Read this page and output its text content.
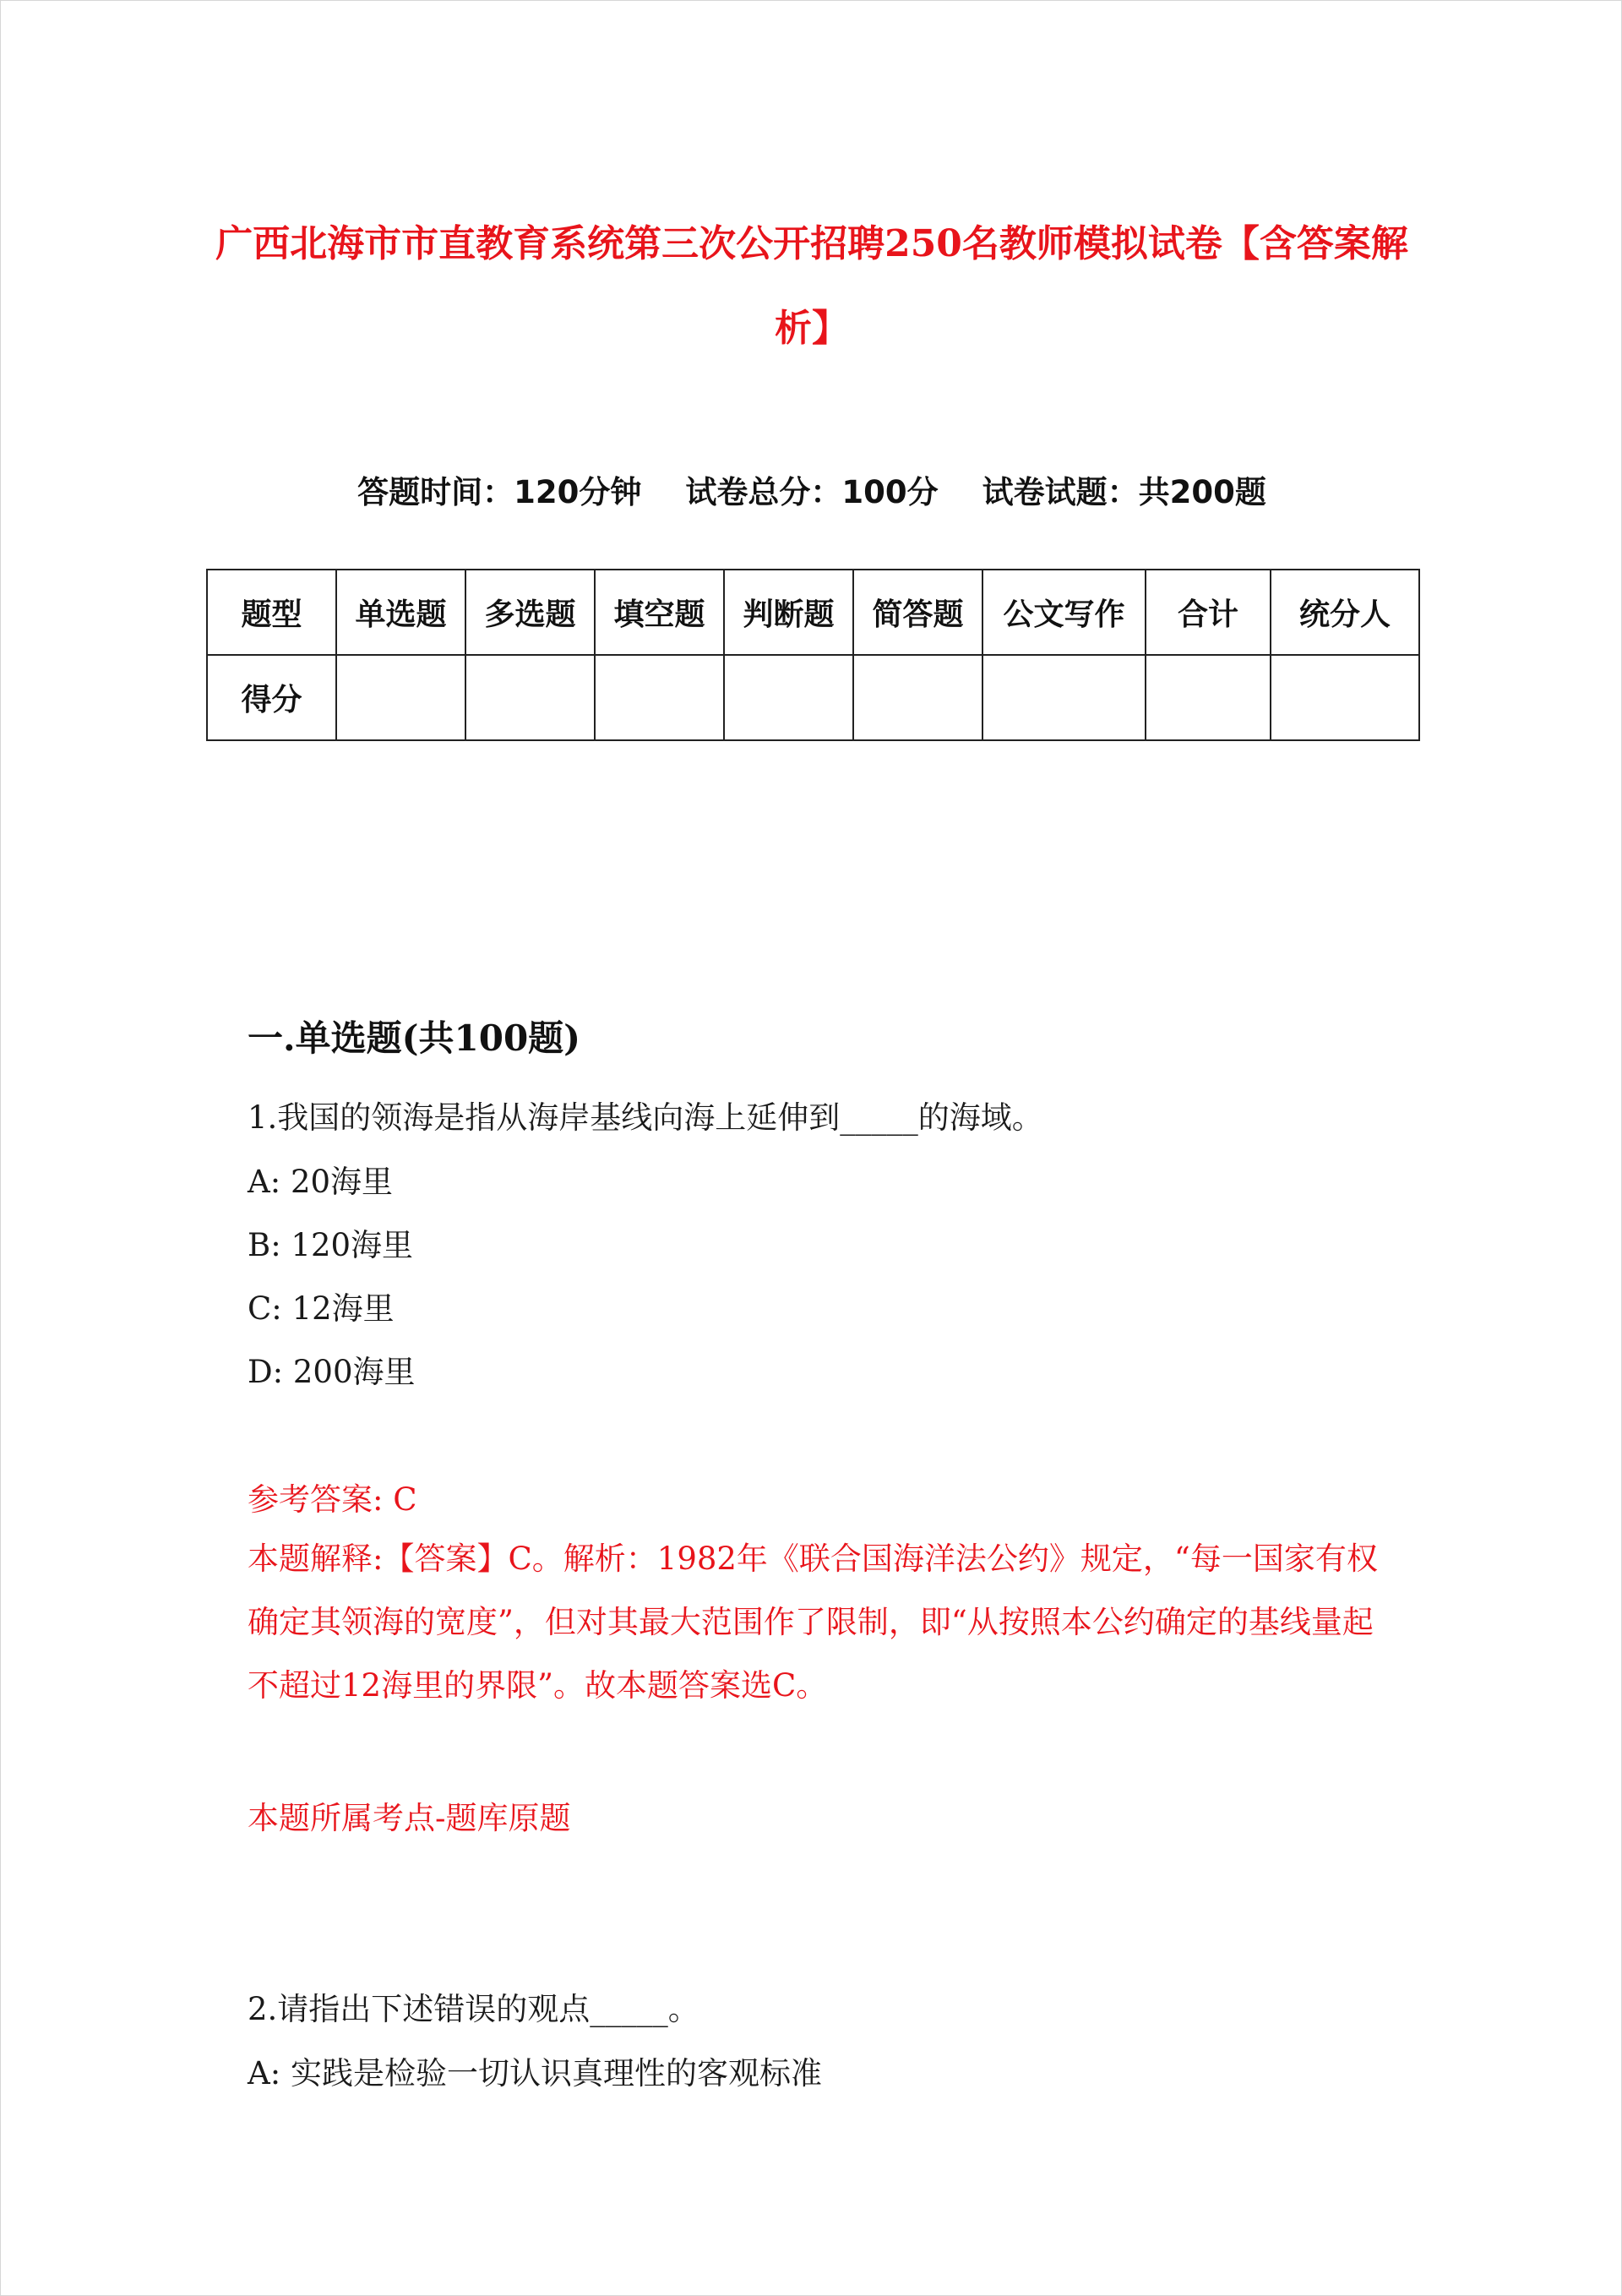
广西北海市市直教育系统第三次公开招聘250名教师模拟试卷【含答案解析】
答题时间：120分钟 试卷总分：100分 试卷试题：共200题
题型	单选题	多选题	填空题	判断题	简答题	公文写作	合计	统分人
得分								
一.单选题(共100题)
1.我国的领海是指从海岸基线向海上延伸到_____的海域。
A: 20海里
B: 120海里
C: 12海里
D: 200海里
参考答案: C
本题解释:【答案】C。解析：1982年《联合国海洋法公约》规定，“每一国家有权确定其领海的宽度”，但对其最大范围作了限制，即“从按照本公约确定的基线量起不超过12海里的界限”。故本题答案选C。
本题所属考点-题库原题
2.请指出下述错误的观点_____。
A: 实践是检验一切认识真理性的客观标准
